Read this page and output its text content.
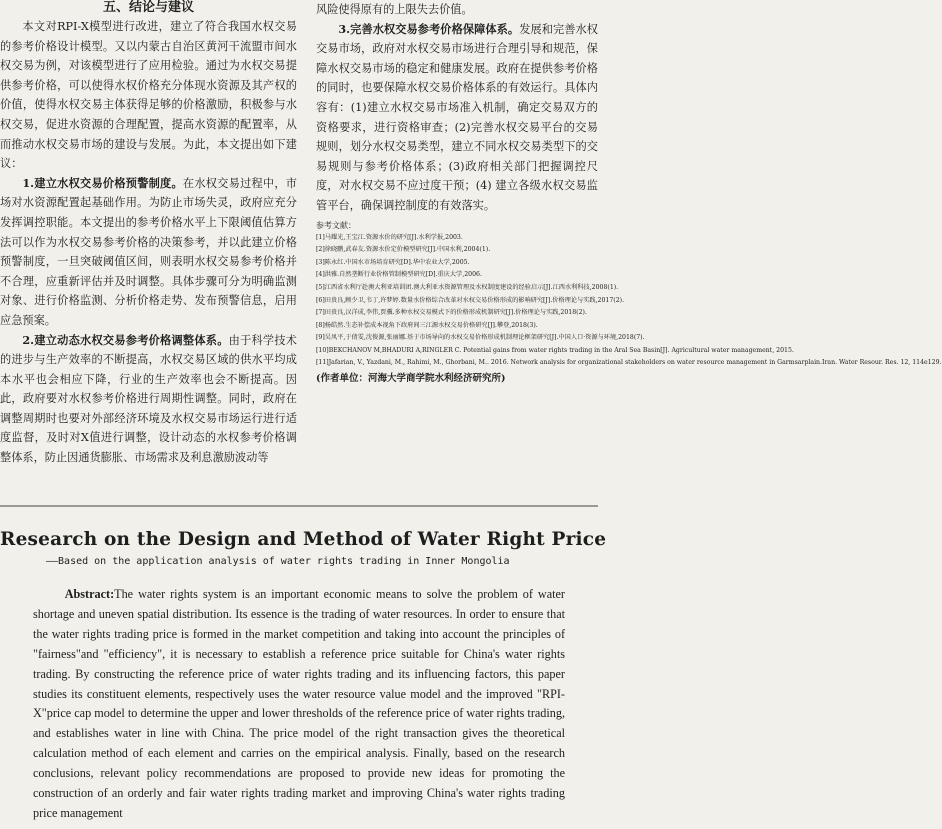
五、结论与建议

本文对RPI-X模型进行改进，建立了符合我国水权交易的参考价格设计模型。又以内蒙古自治区黄河干流盟市间水权交易为例，对该模型进行了应用检验。通过为水权交易提供参考价格，可以使得水权价格充分体现水资源及其产权的价值，使得水权交易主体获得足够的价格激励，积极参与水权交易，促进水资源的合理配置，提高水资源的配置率，从而推动水权交易市场的建设与发展。为此，本文提出如下建议：

1.建立水权交易价格预警制度。在水权交易过程中，市场对水资源配置起基础作用。为防止市场失灵，政府应充分发挥调控职能。本文提出的参考价格水平上下限阈值估算方法可以作为水权交易参考价格的决策参考，并以此建立价格预警制度，一旦突破阈值区间，则表明水权交易参考价格并不合理，应重新评估并及时调整。具体步骤可分为明确监测对象、进行价格监测、分析价格走势、发布预警信息，启用应急预案。

2.建立动态水权交易参考价格调整体系。由于科学技术的进步与生产效率的不断提高，水权交易区域的供水平均成本水平也会相应下降，行业的生产效率也会不断提高。因此，政府要对水权参考价格进行周期性调整。同时，政府在调整周期时也要对外部经济环境及水权交易市场运行进行适度监督，及时对X值进行调整，设计动态的水权参考价格调整体系，防止因通货膨胀、市场需求及利息激励波动等

风险使得原有的上限失去价值。

3.完善水权交易参考价格保障体系。发展和完善水权交易市场，政府对水权交易市场进行合理引导和规范，保障水权交易市场的稳定和健康发展。政府在提供参考价格的同时，也要保障水权交易价格体系的有效运行。具体内容有：(1)建立水权交易市场准入机制，确定交易双方的资格要求，进行资格审查；(2)完善水权交易平台的交易规则，划分水权交易类型，建立不同水权交易类型下的交易规则与参考价格体系；(3)政府相关部门把握调控尺度，对水权交易不应过度干预；(4) 建立各级水权交易监管平台，确保调控制度的有效落实。

参考文献：
[1]马耀光,王宝江.资源水价的研究[J].水利学报,2003.
[2]徐晓鹏,武春友.资源水价定价模型研究[J].中国水利,2004(1).
[3]陈永红.中国水市场培育研究[D].华中农业大学,2005.
[4]洪雅.自然垄断行业价格管制模型研究[D].重庆大学,2006.
[5]江西省水利厅赴澳大利亚培训团.澳大利亚水资源管理及水权制度建设的经验启示[J].江西水利科技,2008(1).
[6]田贵良,顾少卫,韦丁,许梦婷.数量水价格综合改革对水权交易价格形成的影响研究[J].价格理论与实践,2017(2).
[7]田贵良,汉洋成,李伟,贾骥.多种水权交易模式下的价格形成机制研究[J].价格理论与实践,2018(2).
[8]杨皓然.生态补偿成本视角下政府间三江源水权交易价格研究[J].攀登,2018(3).
[9]吴凤平,于倩雯,沈俊源,张丽娜.基于市场导向的水权交易价格形成机制理论框架研究[J].中国人口·资源与环境,2018(7).
[10]BEKCHANOV M,BHADURI A,RINGLER C. Potential gains from water rights trading in the Aral Sea Basin[J]. Agricultural water management, 2015.
[11]Jafarian, V., Yazdani, M., Rahimi, M., Ghorbani, M.. 2016. Network analysis for organizational stakeholders on water resource management in Garmsarplain.Iran. Water Resour. Res. 12, 114e129.
(作者单位：河海大学商学院水利经济研究所)
Research on the Design and Method of Water Right Price
——Based on the application analysis of water rights trading in Inner Mongolia
Abstract:The water rights system is an important economic means to solve the problem of water shortage and uneven spatial distribution. Its essence is the trading of water resources. In order to ensure that the water rights trading price is formed in the market competition and taking into account the principles of "fairness"and "efficiency", it is necessary to establish a reference price suitable for China's water rights trading. By constructing the reference price of water rights trading and its influencing factors, this paper studies its constituent elements, respectively uses the water resource value model and the improved "RPI-X"price cap model to determine the upper and lower thresholds of the reference price of water rights trading, and establishes water in line with China. The price model of the right transaction gives the theoretical calculation method of each element and carries on the empirical analysis. Finally, based on the research conclusions, relevant policy recommendations are proposed to provide new ideas for promoting the construction of an orderly and fair water rights trading market and improving China's water rights trading price management
